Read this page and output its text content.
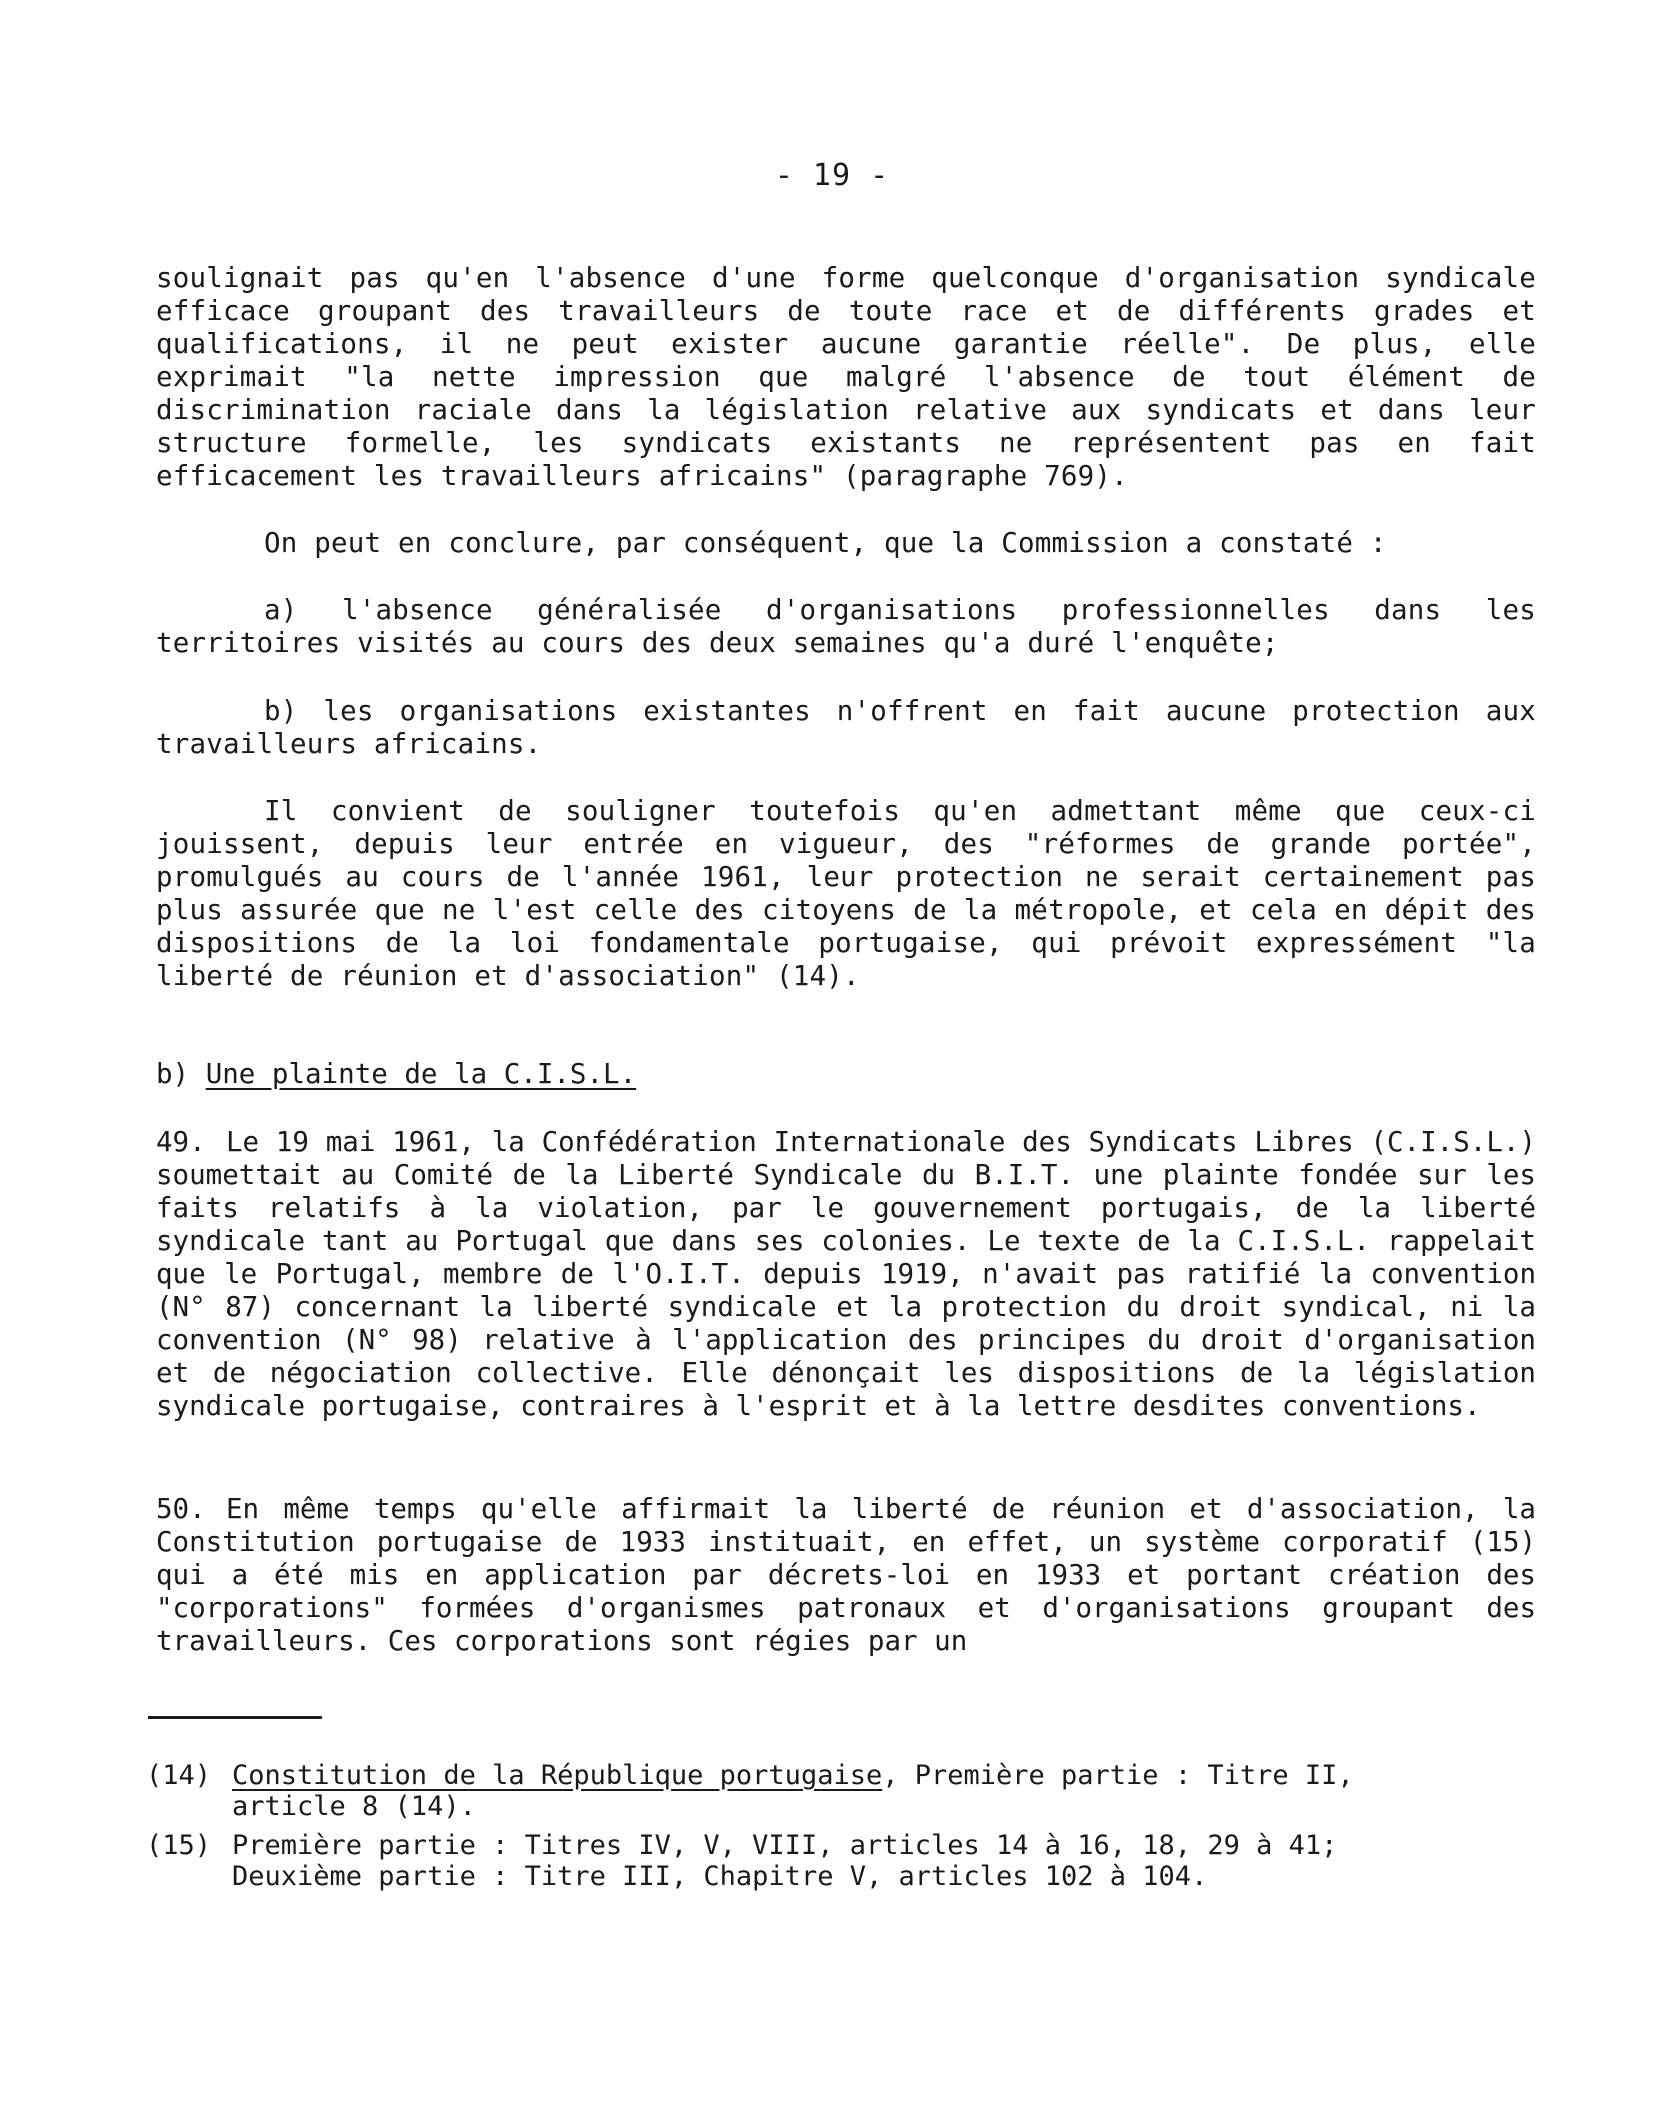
- 19 -

soulignait pas qu'en l'absence d'une forme quelconque d'organisation syndicale efficace groupant des travailleurs de toute race et de différents grades et qualifications, il ne peut exister aucune garantie réelle". De plus, elle exprimait "la nette impression que malgré l'absence de tout élément de discrimination raciale dans la législation relative aux syndicats et dans leur structure formelle, les syndicats existants ne représentent pas en fait efficacement les travailleurs africains" (paragraphe 769).

On peut en conclure, par conséquent, que la Commission a constaté :

a) l'absence généralisée d'organisations professionnelles dans les territoires visités au cours des deux semaines qu'a duré l'enquête;

b) les organisations existantes n'offrent en fait aucune protection aux travailleurs africains.

Il convient de souligner toutefois qu'en admettant même que ceux-ci jouissent, depuis leur entrée en vigueur, des "réformes de grande portée", promulgués au cours de l'année 1961, leur protection ne serait certainement pas plus assurée que ne l'est celle des citoyens de la métropole, et cela en dépit des dispositions de la loi fondamentale portugaise, qui prévoit expressément "la liberté de réunion et d'association" (14).

b) Une plainte de la C.I.S.L.

49. Le 19 mai 1961, la Confédération Internationale des Syndicats Libres (C.I.S.L.) soumettait au Comité de la Liberté Syndicale du B.I.T. une plainte fondée sur les faits relatifs à la violation, par le gouvernement portugais, de la liberté syndicale tant au Portugal que dans ses colonies. Le texte de la C.I.S.L. rappelait que le Portugal, membre de l'O.I.T. depuis 1919, n'avait pas ratifié la convention (N° 87) concernant la liberté syndicale et la protection du droit syndical, ni la convention (N° 98) relative à l'application des principes du droit d'organisation et de négociation collective. Elle dénonçait les dispositions de la législation syndicale portugaise, contraires à l'esprit et à la lettre desdites conventions.

50. En même temps qu'elle affirmait la liberté de réunion et d'association, la Constitution portugaise de 1933 instituait, en effet, un système corporatif (15) qui a été mis en application par décrets-loi en 1933 et portant création des "corporations" formées d'organismes patronaux et d'organisations groupant des travailleurs. Ces corporations sont régies par un

(14) Constitution de la République portugaise, Première partie : Titre II,
article 8 (14).
(15) Première partie : Titres IV, V, VIII, articles 14 à 16, 18, 29 à 41;
Deuxième partie : Titre III, Chapitre V, articles 102 à 104.
